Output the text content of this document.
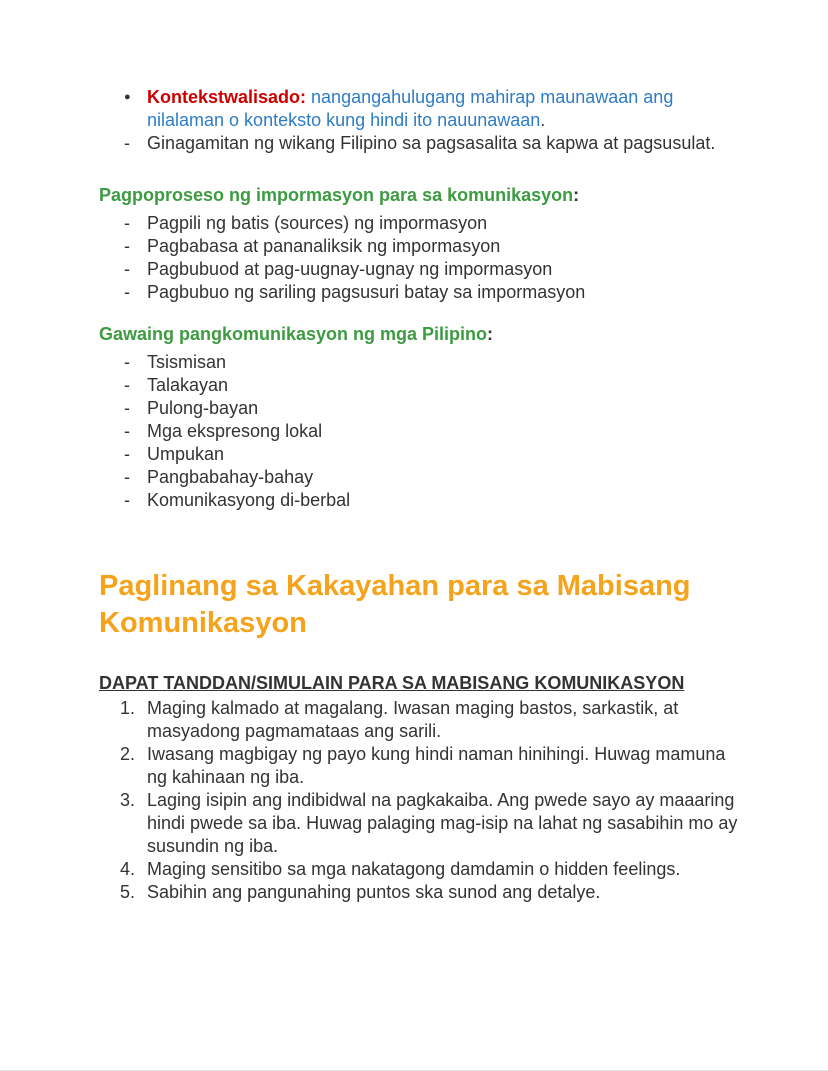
● Kontekstwalisado: nangangahulugang mahirap maunawaan ang nilalaman o konteksto kung hindi ito nauunawaan.

- Ginagamitan ng wikang Filipino sa pagsasalita sa kapwa at pagsusulat.

Pagpoproseso ng impormasyon para sa komunikasyon:

- Pagpili ng batis (sources) ng impormasyon

- Pagbabasa at pananaliksik ng impormasyon

- Pagbubuod at pag-uugnay-ugnay ng impormasyon

- Pagbubuo ng sariling pagsusuri batay sa impormasyon

Gawaing pangkomunikasyon ng mga Pilipino:

- Tsismisan

- Talakayan

- Pulong-bayan

- Mga ekspresong lokal

- Umpukan

- Pangbabahay-bahay

- Komunikasyong di-berbal

Paglinang sa Kakayahan para sa Mabisang Komunikasyon

DAPAT TANDDAN/SIMULAIN PARA SA MABISANG KOMUNIKASYON

1. Maging kalmado at magalang. Iwasan maging bastos, sarkastik, at masyadong pagmamataas ang sarili.

2. Iwasang magbigay ng payo kung hindi naman hinihingi. Huwag mamuna ng kahinaan ng iba.

3. Laging isipin ang indibidwal na pagkakaiba. Ang pwede sayo ay maaaring hindi pwede sa iba. Huwag palaging mag-isip na lahat ng sasabihin mo ay susundin ng iba.

4. Maging sensitibo sa mga nakatagong damdamin o hidden feelings.

5. Sabihin ang pangunahing puntos ska sunod ang detalye.
